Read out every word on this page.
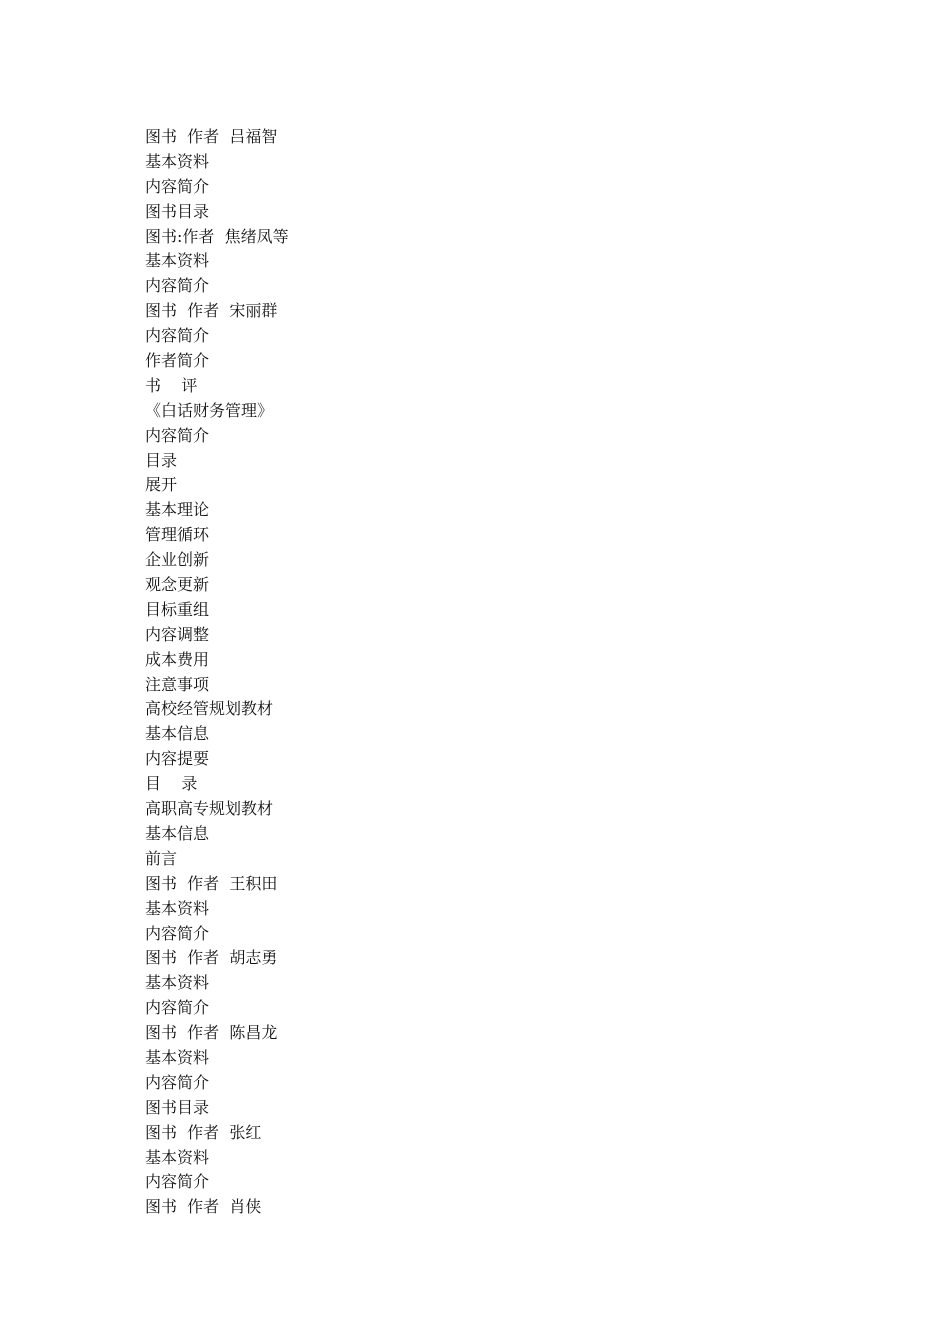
图书  作者  吕福智
基本资料
内容简介
图书目录
图书:作者  焦绪凤等
基本资料
内容简介
图书  作者  宋丽群
内容简介
作者简介
书    评
《白话财务管理》
内容简介
目录
展开
基本理论
管理循环
企业创新
观念更新
目标重组
内容调整
成本费用
注意事项
高校经管规划教材
基本信息
内容提要
目    录
高职高专规划教材
基本信息
前言
图书  作者  王积田
基本资料
内容简介
图书  作者  胡志勇
基本资料
内容简介
图书  作者  陈昌龙
基本资料
内容简介
图书目录
图书  作者  张红
基本资料
内容简介
图书  作者  肖侠
